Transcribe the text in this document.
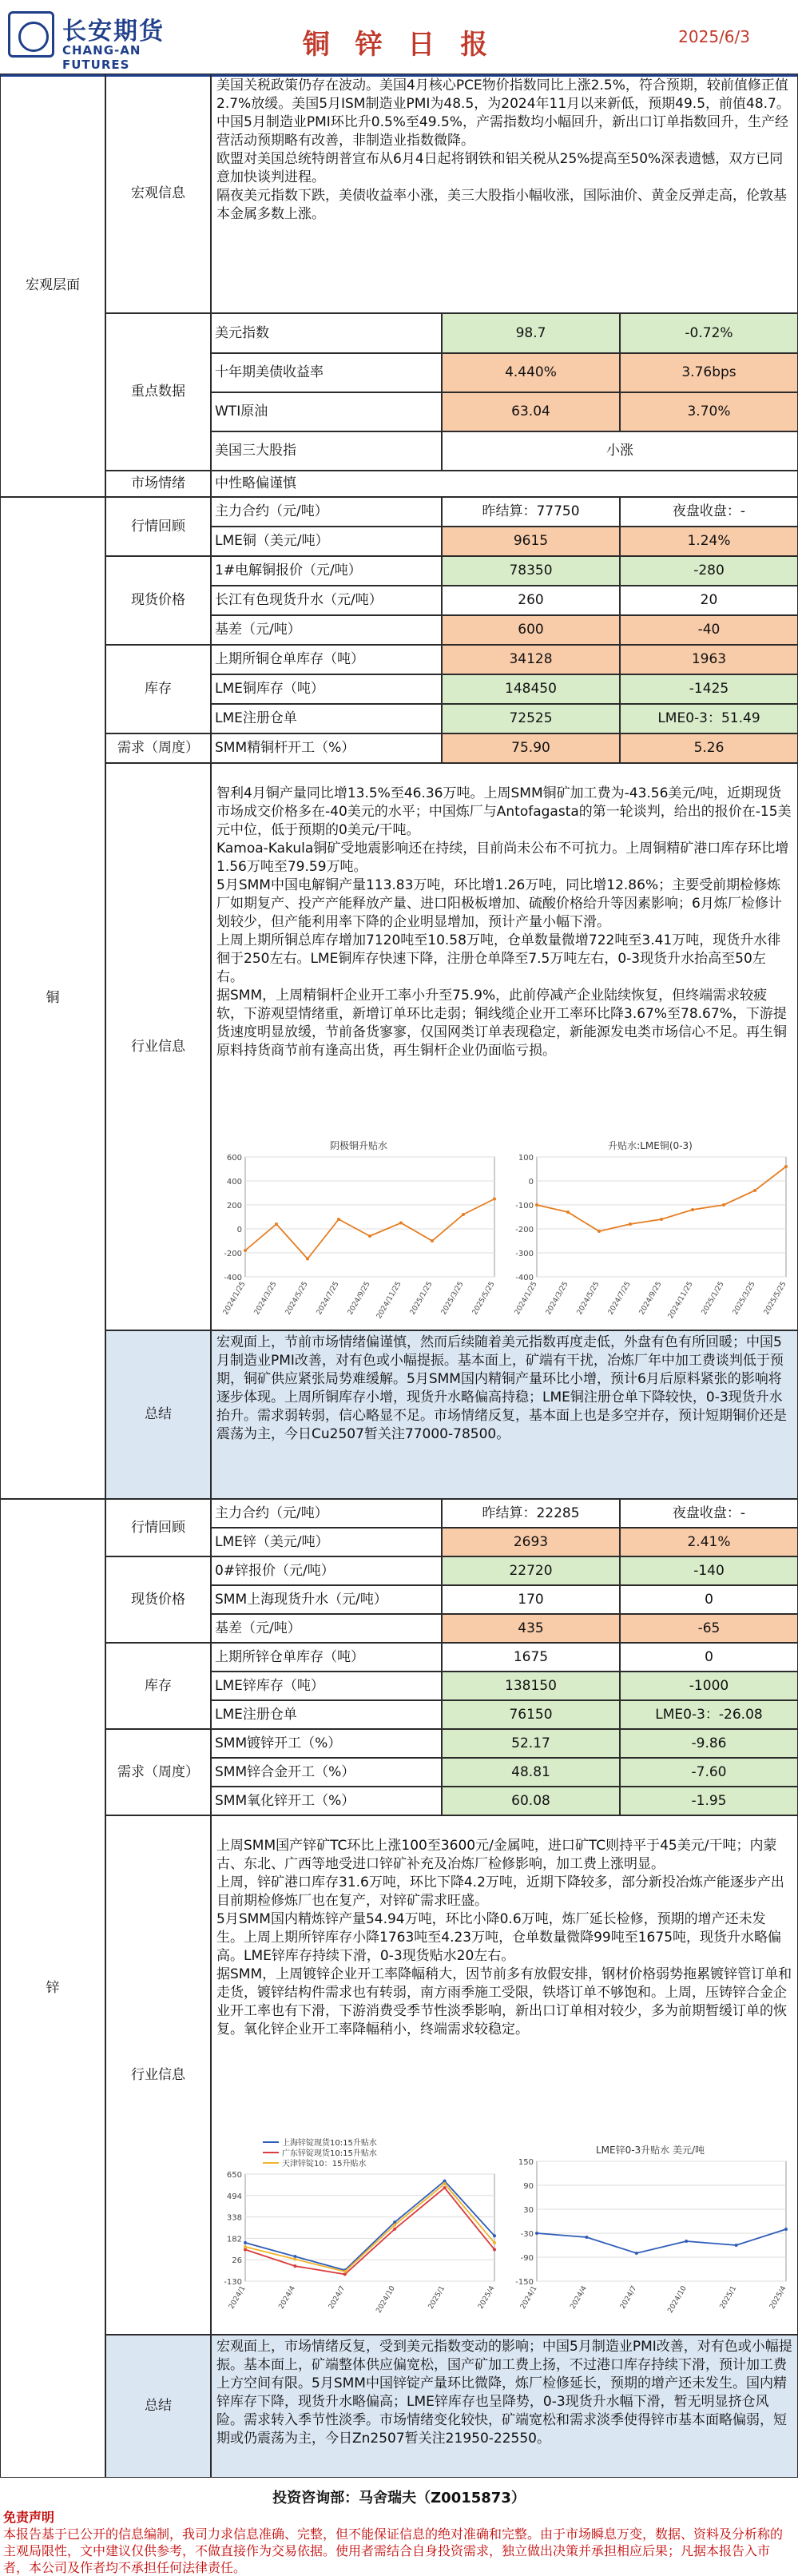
长安期货
CHANG-AN FUTURES
铜 锌 日 报	2025/6/3
宏观层面
宏观信息
美国关税政策仍存在波动。美国4月核心PCE物价指数同比上涨2.5%，符合预期，较前值修正值2.7%放缓。美国5月ISM制造业PMI为48.5，为2024年11月以来新低，预期49.5，前值48.7。
中国5月制造业PMI环比升0.5%至49.5%，产需指数均小幅回升，新出口订单指数回升，生产经营活动预期略有改善，非制造业指数微降。
欧盟对美国总统特朗普宣布从6月4日起将钢铁和铝关税从25%提高至50%深表遗憾，双方已同意加快谈判进程。
隔夜美元指数下跌，美债收益率小涨，美三大股指小幅收涨，国际油价、黄金反弹走高，伦敦基本金属多数上涨。
重点数据
美元指数	98.7	-0.72%
十年期美债收益率	4.440%	3.76bps
WTI原油	63.04	3.70%
美国三大股指	小涨
市场情绪	中性略偏谨慎
铜
行情回顾
主力合约（元/吨）	昨结算：77750	夜盘收盘：-
LME铜（美元/吨）	9615	1.24%
现货价格
1#电解铜报价（元/吨）	78350	-280
长江有色现货升水（元/吨）	260	20
基差（元/吨）	600	-40
库存
上期所铜仓单库存（吨）	34128	1963
LME铜库存（吨）	148450	-1425
LME注册仓单	72525	LME0-3：51.49
需求（周度）	SMM精铜杆开工（%）	75.90	5.26
行业信息

智利4月铜产量同比增13.5%至46.36万吨。上周SMM铜矿加工费为-43.56美元/吨，近期现货市场成交价格多在-40美元的水平；中国炼厂与Antofagasta的第一轮谈判，给出的报价在-15美元中位，低于预期的0美元/干吨。
Kamoa-Kakula铜矿受地震影响还在持续，目前尚未公布不可抗力。上周铜精矿港口库存环比增1.56万吨至79.59万吨。
5月SMM中国电解铜产量113.83万吨，环比增1.26万吨，同比增12.86%；主要受前期检修炼厂如期复产、投产产能释放产量、进口阳极板增加、硫酸价格给升等因素影响；6月炼厂检修计划较少，但产能利用率下降的企业明显增加，预计产量小幅下滑。
上周上期所铜总库存增加7120吨至10.58万吨，仓单数量微增722吨至3.41万吨，现货升水徘徊于250左右。LME铜库存快速下降，注册仓单降至7.5万吨左右，0-3现货升水抬高至50左右。
据SMM，上周精铜杆企业开工率小升至75.9%，此前停减产企业陆续恢复，但终端需求较疲软，下游观望情绪重，新增订单环比走弱；铜线缆企业开工率环比降3.67%至78.67%，下游提货速度明显放缓，节前备货寥寥，仅国网类订单表现稳定，新能源发电类市场信心不足。再生铜原料持货商节前有逢高出货，再生铜杆企业仍面临亏损。

阴极铜升贴水
-400
-200
0
200
400
600
2024/1/25 2024/3/25 2024/5/25 2024/7/25 2024/9/25 2024/11/25 2025/1/25 2025/3/25 2025/5/25

升贴水:LME铜(0-3)
-400
-300
-200
-100
0
100
2024/1/25 2024/3/25 2024/5/25 2024/7/25 2024/9/25 2024/11/25 2025/1/25 2025/3/25 2025/5/25

总结
宏观面上，节前市场情绪偏谨慎，然而后续随着美元指数再度走低，外盘有色有所回暖；中国5月制造业PMI改善，对有色或小幅提振。基本面上，矿端有干扰，冶炼厂年中加工费谈判低于预期，铜矿供应紧张局势难缓解。5月SMM国内精铜产量环比小增，预计6月后原料紧张的影响将逐步体现。上周所铜库存小增，现货升水略偏高持稳；LME铜注册仓单下降较快，0-3现货升水抬升。需求弱转弱，信心略显不足。市场情绪反复，基本面上也是多空并存，预计短期铜价还是震荡为主，今日Cu2507暂关注77000-78500。
锌
行情回顾
主力合约（元/吨）	昨结算：22285	夜盘收盘：-
LME锌（美元/吨）	2693	2.41%
现货价格
0#锌报价（元/吨）	22720	-140
SMM上海现货升水（元/吨）	170	0
基差（元/吨）	435	-65
库存
上期所锌仓单库存（吨）	1675	0
LME锌库存（吨）	138150	-1000
LME注册仓单	76150	LME0-3：-26.08
需求（周度）
SMM镀锌开工（%）	52.17	-9.86
SMM锌合金开工（%）	48.81	-7.60
SMM氧化锌开工（%）	60.08	-1.95
行业信息

上周SMM国产锌矿TC环比上涨100至3600元/金属吨，进口矿TC则持平于45美元/干吨；内蒙古、东北、广西等地受进口锌矿补充及冶炼厂检修影响，加工费上涨明显。
上周，锌矿港口库存31.6万吨，环比下降4.2万吨，近期下降较多，部分新投冶炼产能逐步产出目前期检修炼厂也在复产，对锌矿需求旺盛。
5月SMM国内精炼锌产量54.94万吨，环比小降0.6万吨，炼厂延长检修，预期的增产还未发生。上周上期所锌库存小降1763吨至4.23万吨，仓单数量微降99吨至1675吨，现货升水略偏高。LME锌库存持续下滑，0-3现货贴水20左右。
据SMM，上周镀锌企业开工率降幅稍大，因节前多有放假安排，钢材价格弱势拖累镀锌管订单和走货，镀锌结构件需求也有转弱，南方雨季施工受限，铁塔订单不够饱和。上周，压铸锌合金企业开工率也有下滑，下游消费受季节性淡季影响，新出口订单相对较少，多为前期暂缓订单的恢复。氧化锌企业开工率降幅稍小，终端需求较稳定。

上海锌锭现货10:15升贴水
广东锌锭现货10:15升贴水
天津锌锭10：15升贴水
-130
26
182
338
494
650
2024/1	2024/4	2024/7	2024/10	2025/1	2025/4

LME锌0-3升贴水 美元/吨
-150
-90
-30
30
90
150
2024/1	2024/4	2024/7	2024/10	2025/1	2025/4

总结
宏观面上，市场情绪反复，受到美元指数变动的影响；中国5月制造业PMI改善，对有色或小幅提振。基本面上，矿端整体供应偏宽松，国产矿加工费上扬，不过港口库存持续下滑，预计加工费上方空间有限。5月SMM中国锌锭产量环比微降，炼厂检修延长，预期的增产还未发生。国内精锌库存下降，现货升水略偏高；LME锌库存也呈降势，0-3现货升水幅下滑，暂无明显挤仓风险。需求转入季节性淡季。市场情绪变化较快，矿端宽松和需求淡季使得锌市基本面略偏弱，短期或仍震荡为主，今日Zn2507暂关注21950-22550。
投资咨询部：马舍瑞夫（Z0015873）
免责声明
本报告基于已公开的信息编制，我司力求信息准确、完整，但不能保证信息的绝对准确和完整。由于市场瞬息万变，数据、资料及分析称的主观局限性，文中建议仅供参考，不做直接作为交易依据。使用者需结合自身投资需求，独立做出决策并承担相应后果；凡据本报告入市者，本公司及作者均不承担任何法律责任。
